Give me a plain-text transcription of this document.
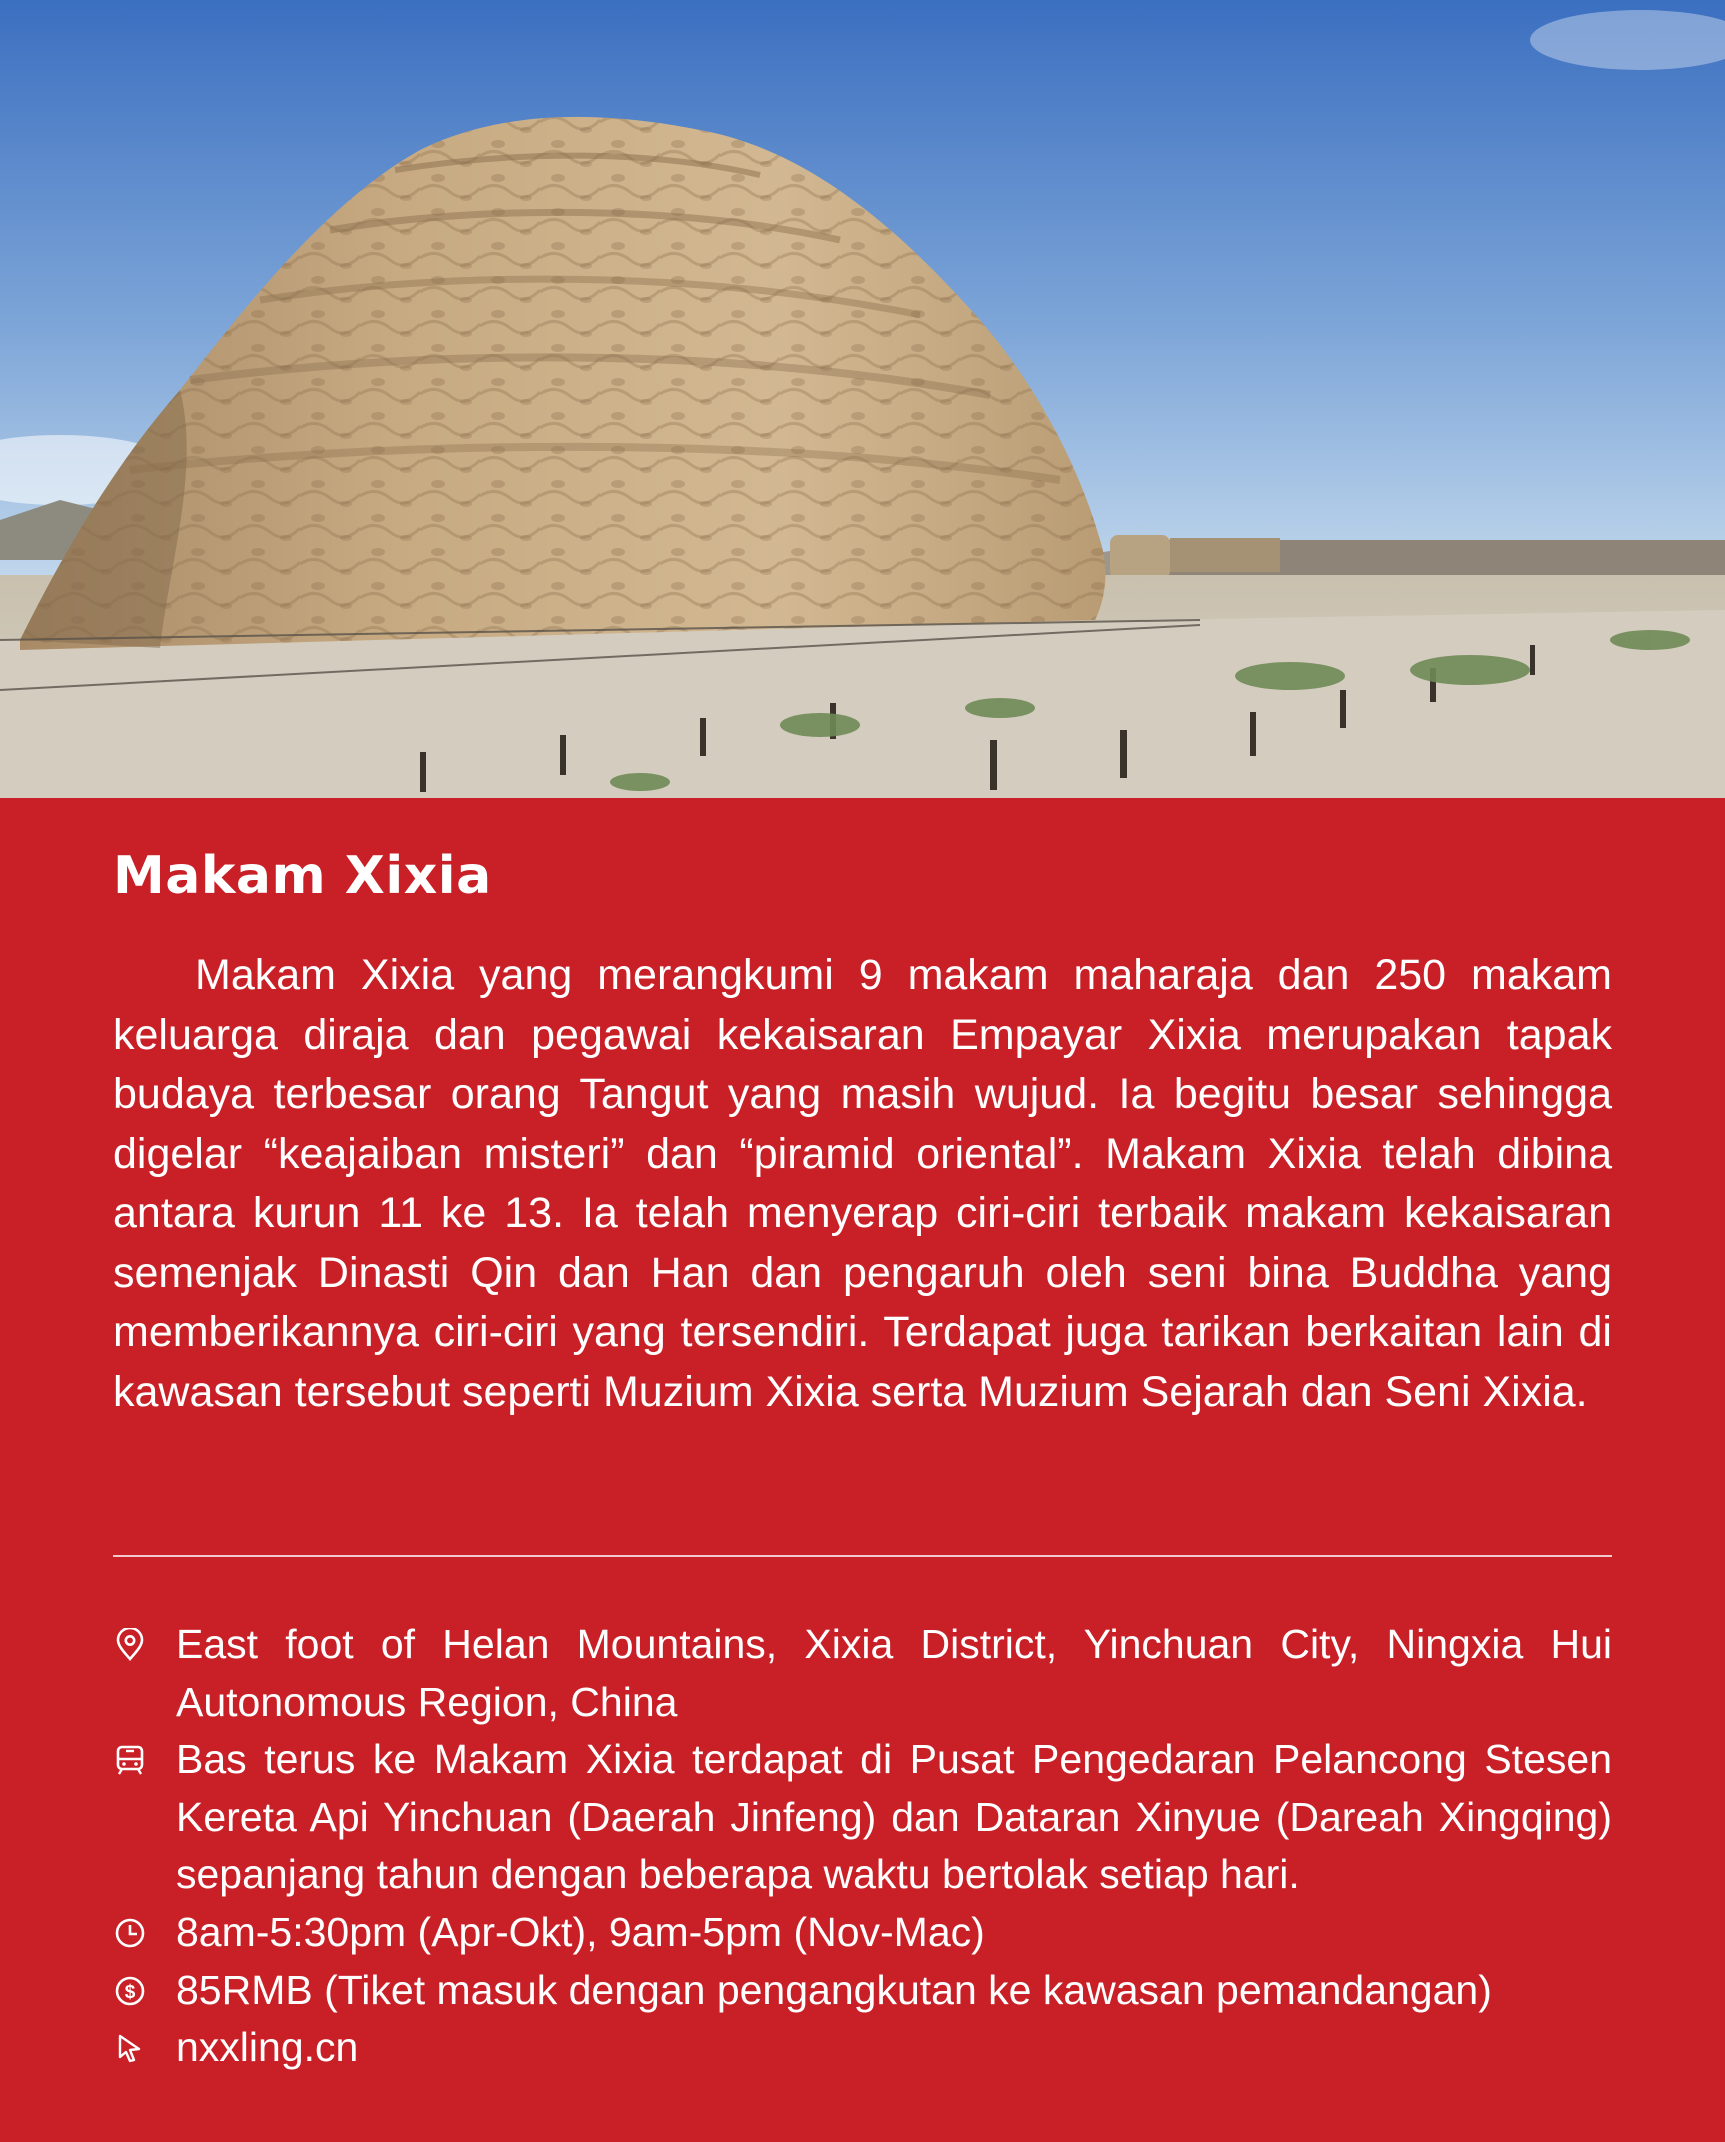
Makam Xixia

Makam Xixia yang merangkumi 9 makam maharaja dan 250 makam keluarga diraja dan pegawai kekaisaran Empayar Xixia merupakan tapak budaya terbesar orang Tangut yang masih wujud. Ia begitu besar sehingga digelar “keajaiban misteri” dan “piramid oriental”. Makam Xixia telah dibina antara kurun 11 ke 13. Ia telah menyerap ciri-ciri terbaik makam kekaisaran semenjak Dinasti Qin dan Han dan pengaruh oleh seni bina Buddha yang memberikannya ciri-ciri yang tersendiri. Terdapat juga tarikan berkaitan lain di kawasan tersebut seperti Muzium Xixia serta Muzium Sejarah dan Seni Xixia.

East foot of Helan Mountains, Xixia District, Yinchuan City, Ningxia Hui Autonomous Region, China
Bas terus ke Makam Xixia terdapat di Pusat Pengedaran Pelancong Stesen Kereta Api Yinchuan (Daerah Jinfeng) dan Dataran Xinyue (Dareah Xingqing) sepanjang tahun dengan beberapa waktu bertolak setiap hari.
8am-5:30pm (Apr-Okt), 9am-5pm (Nov-Mac)
$ 85RMB (Tiket masuk dengan pengangkutan ke kawasan pemandangan)
nxxling.cn
